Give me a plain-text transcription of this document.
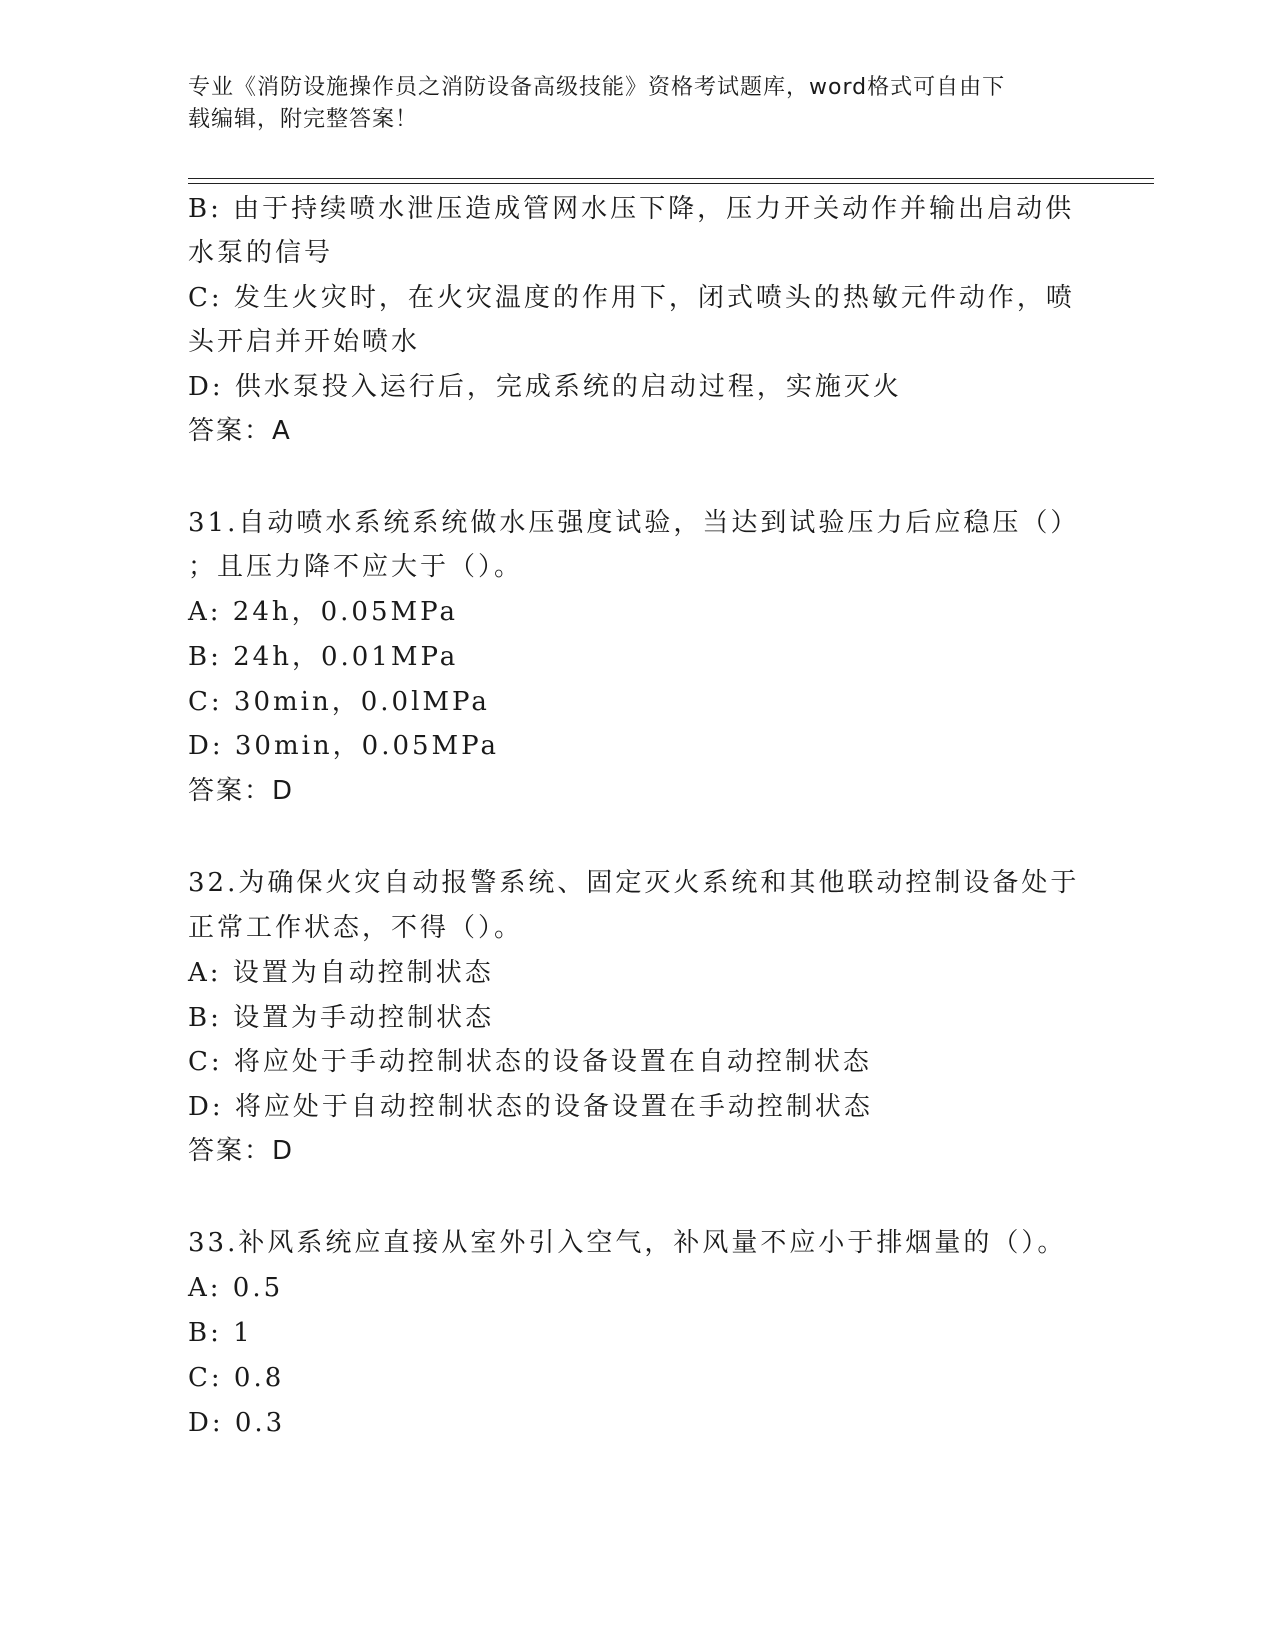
专业《消防设施操作员之消防设备高级技能》资格考试题库，word格式可自由下
载编辑，附完整答案！
B: 由于持续喷水泄压造成管网水压下降，压力开关动作并输出启动供
水泵的信号
C: 发生火灾时，在火灾温度的作用下，闭式喷头的热敏元件动作，喷
头开启并开始喷水
D: 供水泵投入运行后，完成系统的启动过程，实施灭火
答案：A
31.自动喷水系统系统做水压强度试验，当达到试验压力后应稳压（）
；且压力降不应大于（）。
A: 24h，0.05MPa
B: 24h，0.01MPa
C: 30min，0.0lMPa
D: 30min，0.05MPa
答案：D
32.为确保火灾自动报警系统、固定灭火系统和其他联动控制设备处于
正常工作状态，不得（）。
A: 设置为自动控制状态
B: 设置为手动控制状态
C: 将应处于手动控制状态的设备设置在自动控制状态
D: 将应处于自动控制状态的设备设置在手动控制状态
答案：D
33.补风系统应直接从室外引入空气，补风量不应小于排烟量的（）。
A: 0.5
B: 1
C: 0.8
D: 0.3
